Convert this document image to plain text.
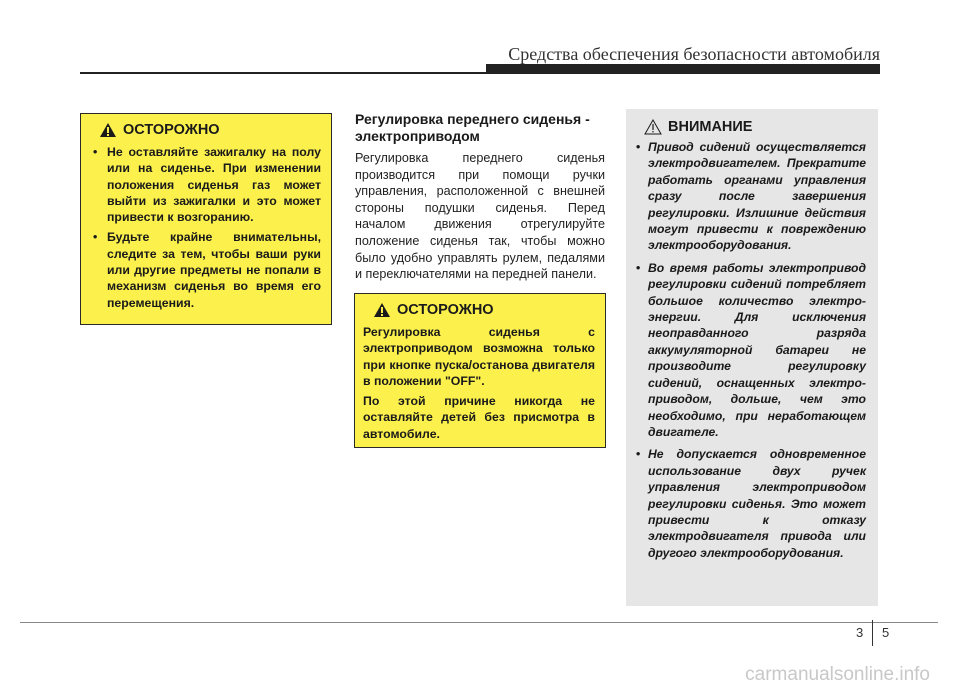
Средства обеспечения безопасности автомобиля
ОСТОРОЖНО
• Не оставляйте зажигалку на полу или на сиденье. При изменении положения сиденья газ может выйти из зажигалки и это может привести к возгоранию.
• Будьте крайне внимательны, следите за тем, чтобы ваши руки или другие предметы не попали в механизм сиденья во время его перемещения.
Регулировка переднего сиденья - электроприводом
Регулировка переднего сиденья производится при помощи ручки управления, расположенной с внешней стороны подушки сиденья. Перед началом движения отрегулируйте положение сиденья так, чтобы можно было удобно управлять рулем, педалями и переключателями на передней панели.
ОСТОРОЖНО

Регулировка сиденья с электроприводом возможна только при кнопке пуска/останова двигателя в положении "OFF".

По этой причине никогда не оставляйте детей без присмотра в автомобиле.

ВНИМАНИЕ
• Привод сидений осуществляется электродвигателем. Прекратите работать органами управления сразу после завершения регулировки. Излишние действия могут привести к повреждению электрооборудования.
• Во время работы электропривод регулировки сидений потребляет большое количество электро-энергии. Для исключения неоправданного разряда аккумуляторной батареи не производите регулировку сидений, оснащенных электро-приводом, дольше, чем это необходимо, при неработающем двигателе.
• Не допускается одновременное использование двух ручек управления электроприводом регулировки сиденья. Это может привести к отказу электродвигателя привода или другого электрооборудования.
3 5
carmanualsonline.info
